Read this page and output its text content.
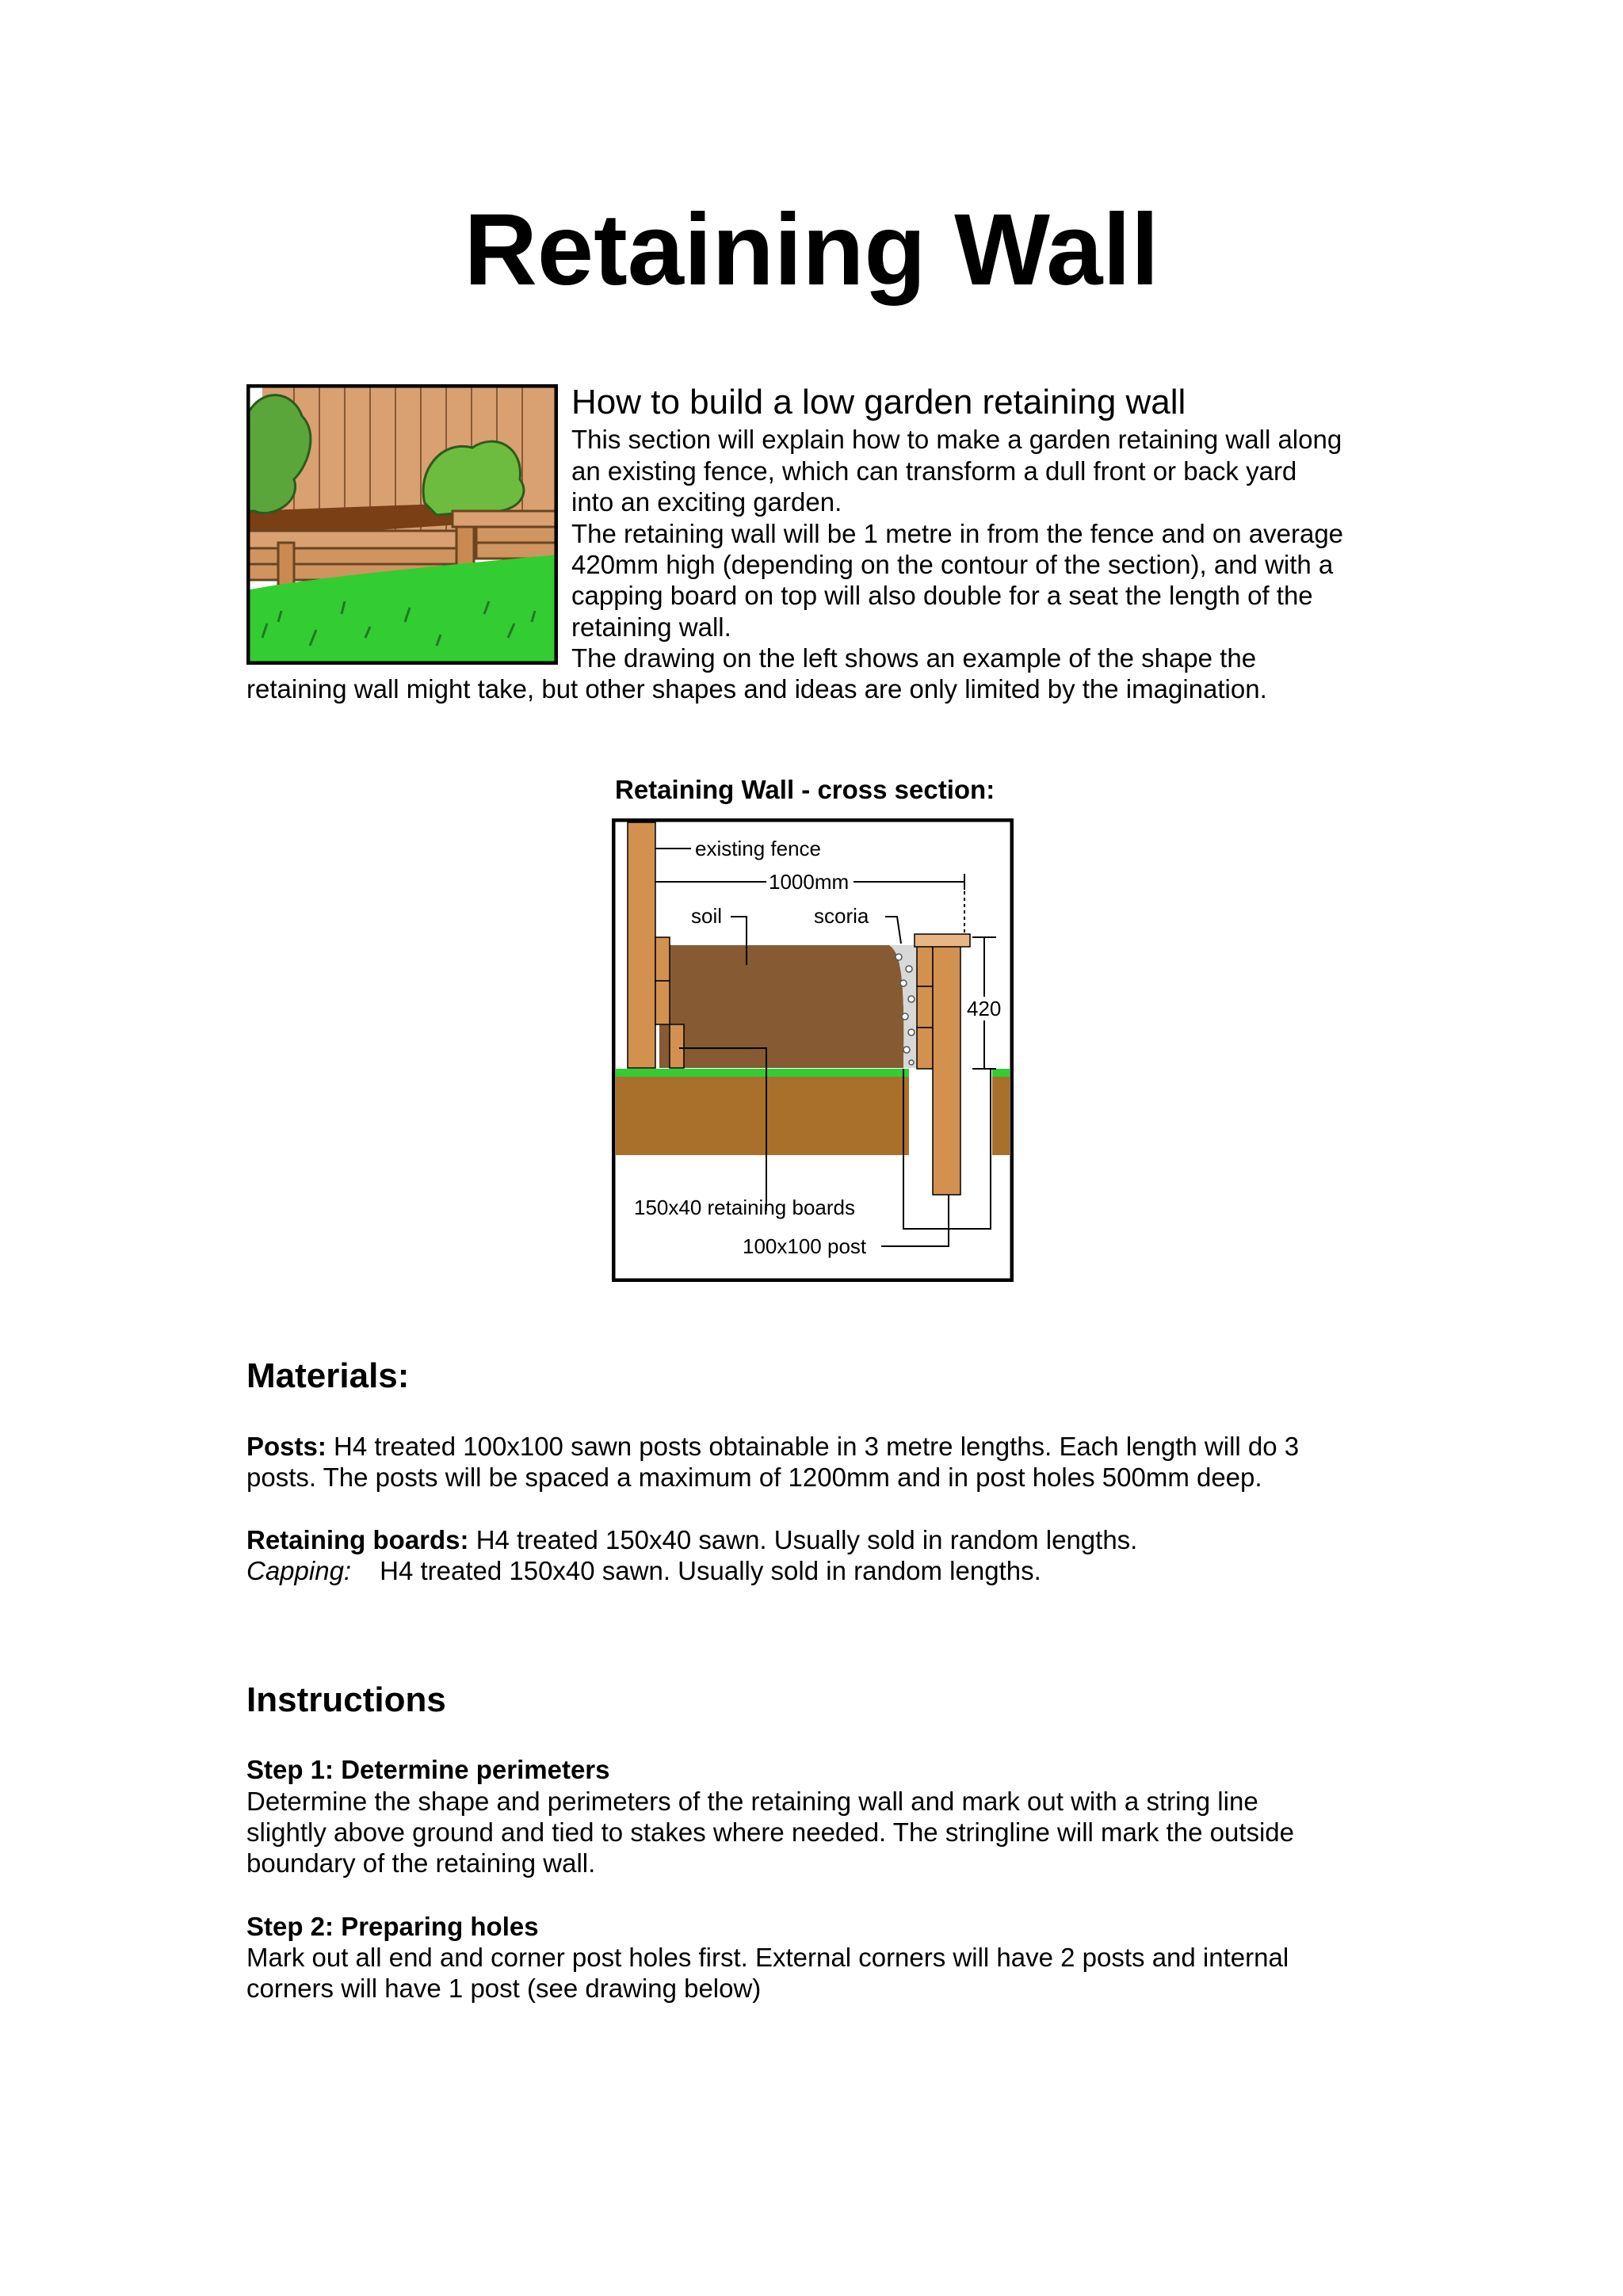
Retaining Wall
How to build a low garden retaining wall

This section will explain how to make a garden retaining wall along

an existing fence, which can transform a dull front or back yard

into an exciting garden.

The retaining wall will be 1 metre in from the fence and on average

420mm high (depending on the contour of the section), and with a

capping board on top will also double for a seat the length of the

retaining wall.

The drawing on the left shows an example of the shape the

retaining wall might take, but other shapes and ideas are only limited by the imagination.

Retaining Wall - cross section:

existing fence
1000mm
soil	scoria
420
150x40 retaining boards
100x100 post
Materials:

Posts: H4 treated 100x100 sawn posts obtainable in 3 metre lengths. Each length will do 3

posts. The posts will be spaced a maximum of 1200mm and in post holes 500mm deep.

Retaining boards: H4 treated 150x40 sawn. Usually sold in random lengths.

Capping: H4 treated 150x40 sawn. Usually sold in random lengths.

Instructions

Step 1: Determine perimeters

Determine the shape and perimeters of the retaining wall and mark out with a string line

slightly above ground and tied to stakes where needed. The stringline will mark the outside

boundary of the retaining wall.

Step 2: Preparing holes

Mark out all end and corner post holes first. External corners will have 2 posts and internal

corners will have 1 post (see drawing below)
